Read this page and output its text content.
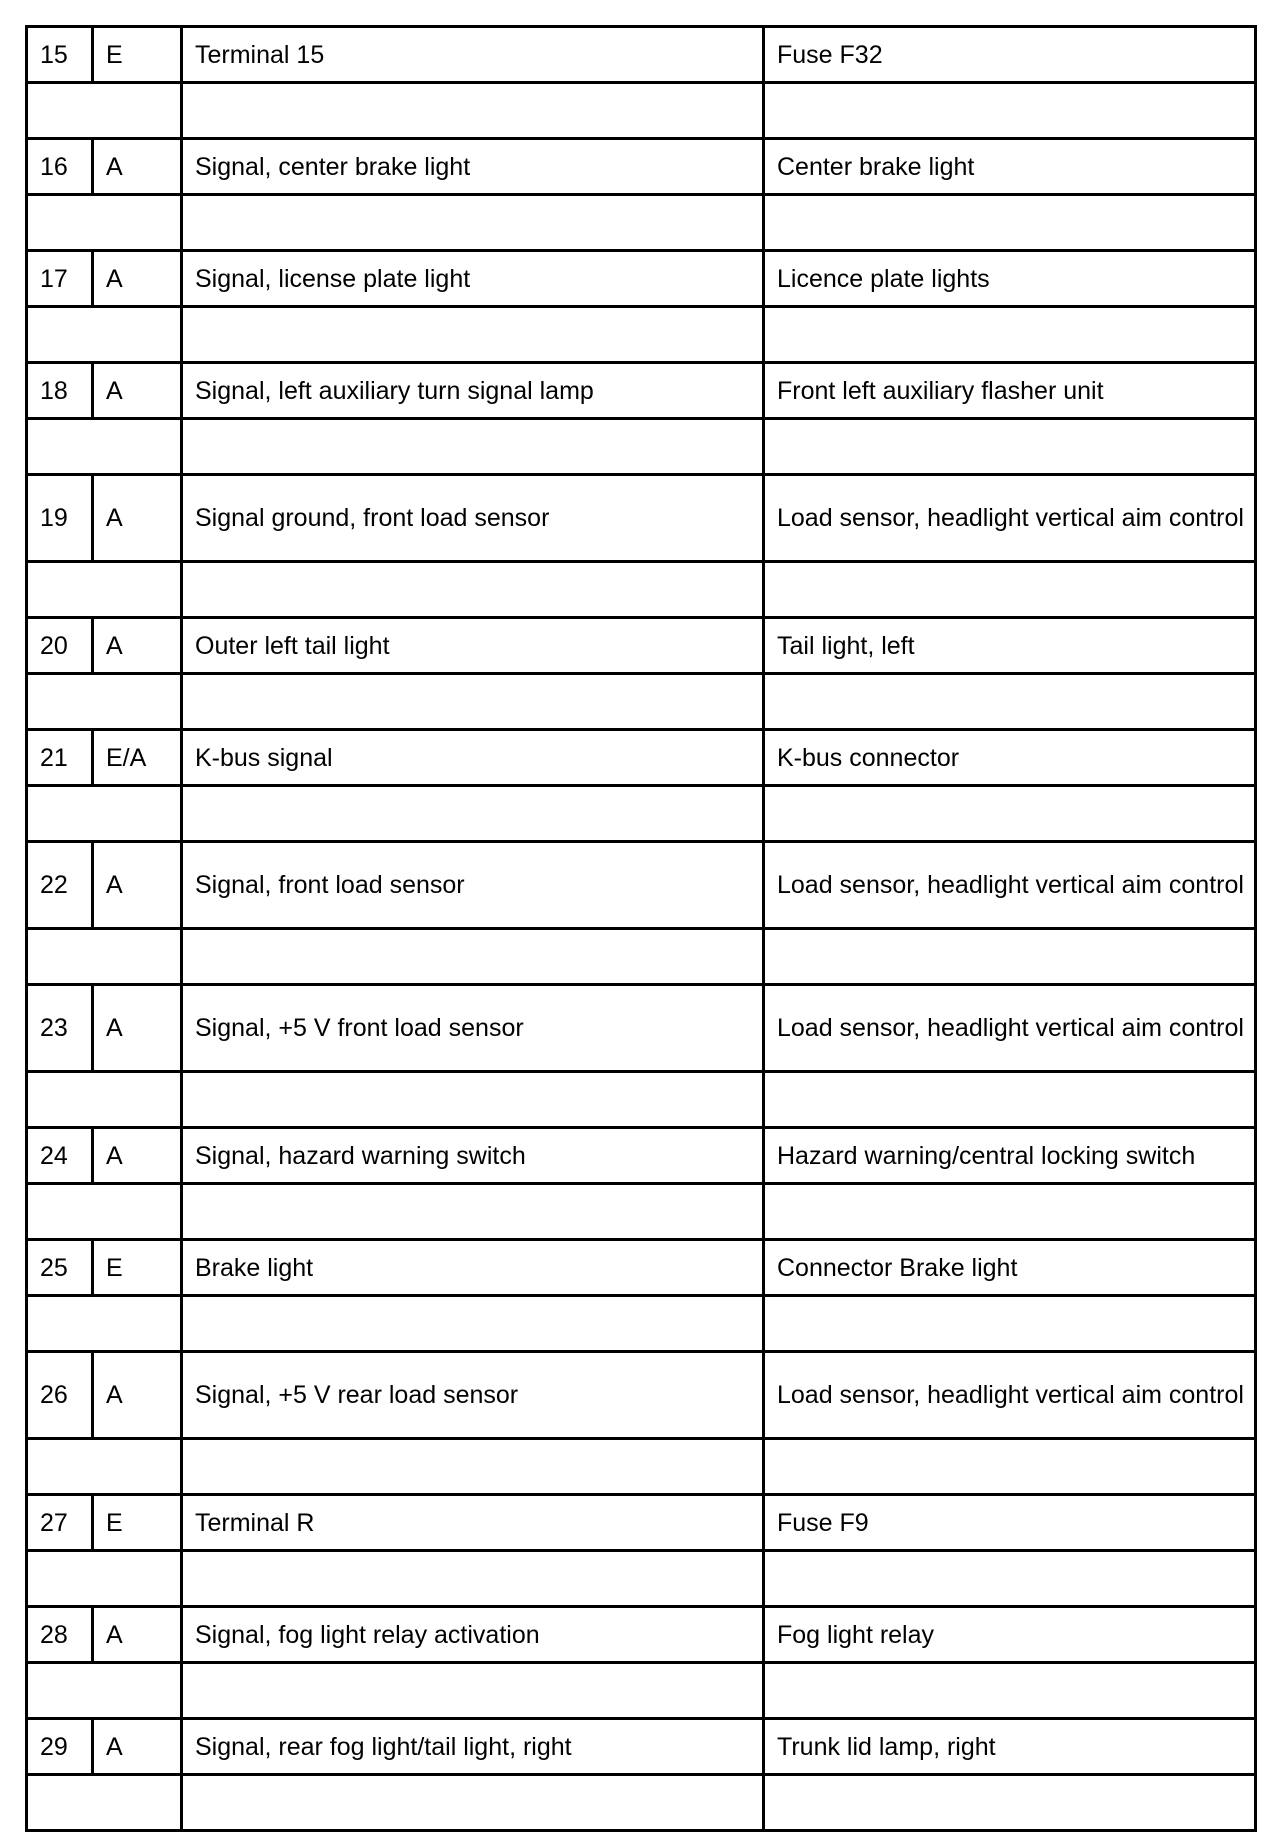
15	E	Terminal 15	Fuse F32

16	A	Signal, center brake light	Center brake light

17	A	Signal, license plate light	Licence plate lights

18	A	Signal, left auxiliary turn signal lamp	Front left auxiliary flasher unit

19	A	Signal ground, front load sensor	Load sensor, headlight vertical aim control

20	A	Outer left tail light	Tail light, left

21	E/A	K-bus signal	K-bus connector

22	A	Signal, front load sensor	Load sensor, headlight vertical aim control

23	A	Signal, +5 V front load sensor	Load sensor, headlight vertical aim control

24	A	Signal, hazard warning switch	Hazard warning/central locking switch

25	E	Brake light	Connector Brake light

26	A	Signal, +5 V rear load sensor	Load sensor, headlight vertical aim control

27	E	Terminal R	Fuse F9

28	A	Signal, fog light relay activation	Fog light relay

29	A	Signal, rear fog light/tail light, right	Trunk lid lamp, right
